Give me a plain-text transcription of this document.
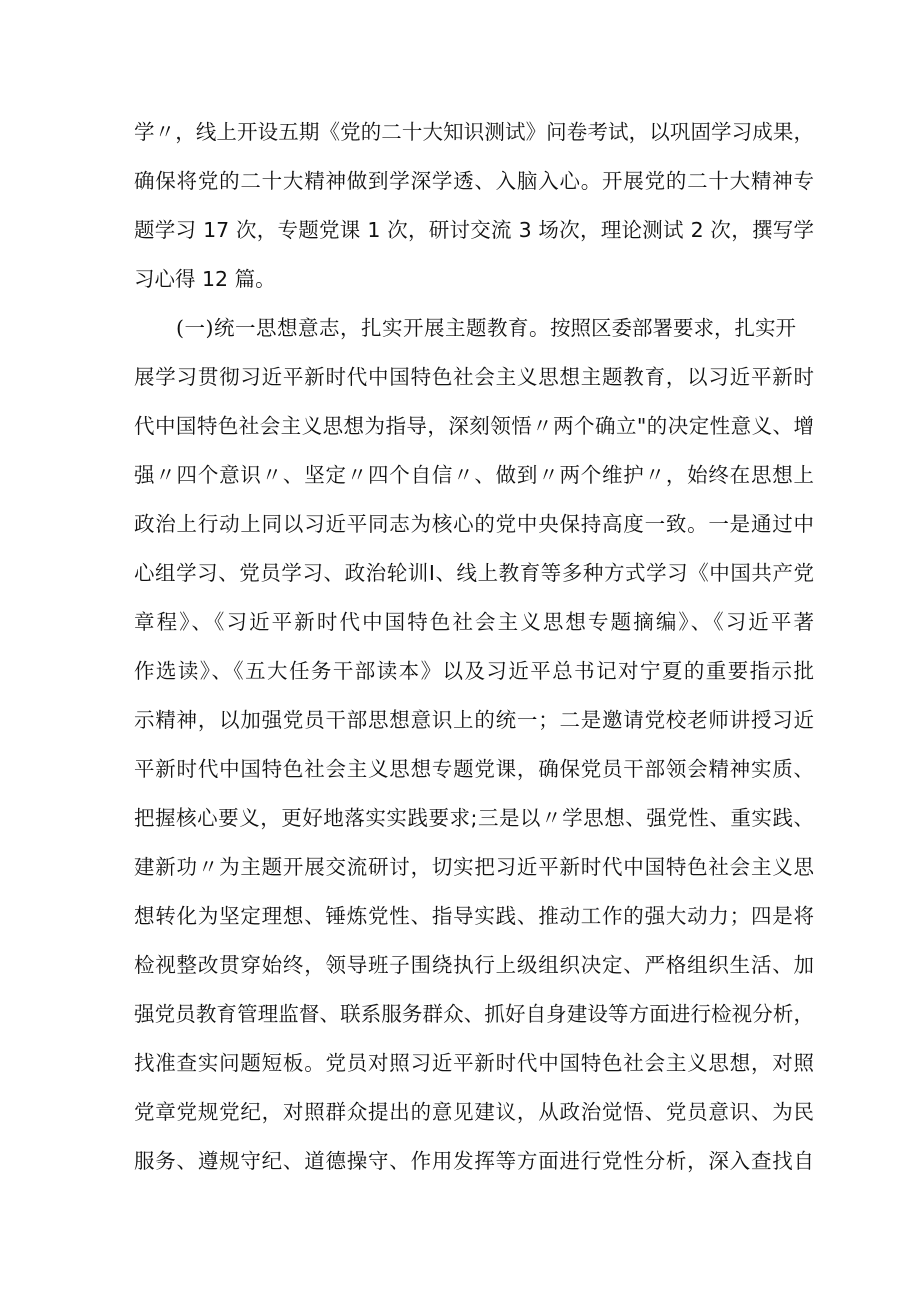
学〃，线上开设五期《党的二十大知识测试》问卷考试，以巩固学习成果，
确保将党的二十大精神做到学深学透、入脑入心。开展党的二十大精神专
题学习 17 次，专题党课 1 次，研讨交流 3 场次，理论测试 2 次，撰写学
习心得 12 篇。
(一)统一思想意志，扎实开展主题教育。按照区委部署要求，扎实开
展学习贯彻习近平新时代中国特色社会主义思想主题教育，以习近平新时
代中国特色社会主义思想为指导，深刻领悟〃两个确立"的决定性意义、增
强〃四个意识〃、坚定〃四个自信〃、做到〃两个维护〃，始终在思想上
政治上行动上同以习近平同志为核心的党中央保持高度一致。一是通过中
心组学习、党员学习、政治轮训I、线上教育等多种方式学习《中国共产党
章程》、《习近平新时代中国特色社会主义思想专题摘编》、《习近平著
作选读》、《五大任务干部读本》以及习近平总书记对宁夏的重要指示批
示精神，以加强党员干部思想意识上的统一；二是邀请党校老师讲授习近
平新时代中国特色社会主义思想专题党课，确保党员干部领会精神实质、
把握核心要义，更好地落实实践要求;三是以〃学思想、强党性、重实践、
建新功〃为主题开展交流研讨，切实把习近平新时代中国特色社会主义思
想转化为坚定理想、锤炼党性、指导实践、推动工作的强大动力；四是将
检视整改贯穿始终，领导班子围绕执行上级组织决定、严格组织生活、加
强党员教育管理监督、联系服务群众、抓好自身建设等方面进行检视分析，
找准查实问题短板。党员对照习近平新时代中国特色社会主义思想，对照
党章党规党纪，对照群众提出的意见建议，从政治觉悟、党员意识、为民
服务、遵规守纪、道德操守、作用发挥等方面进行党性分析，深入查找自
